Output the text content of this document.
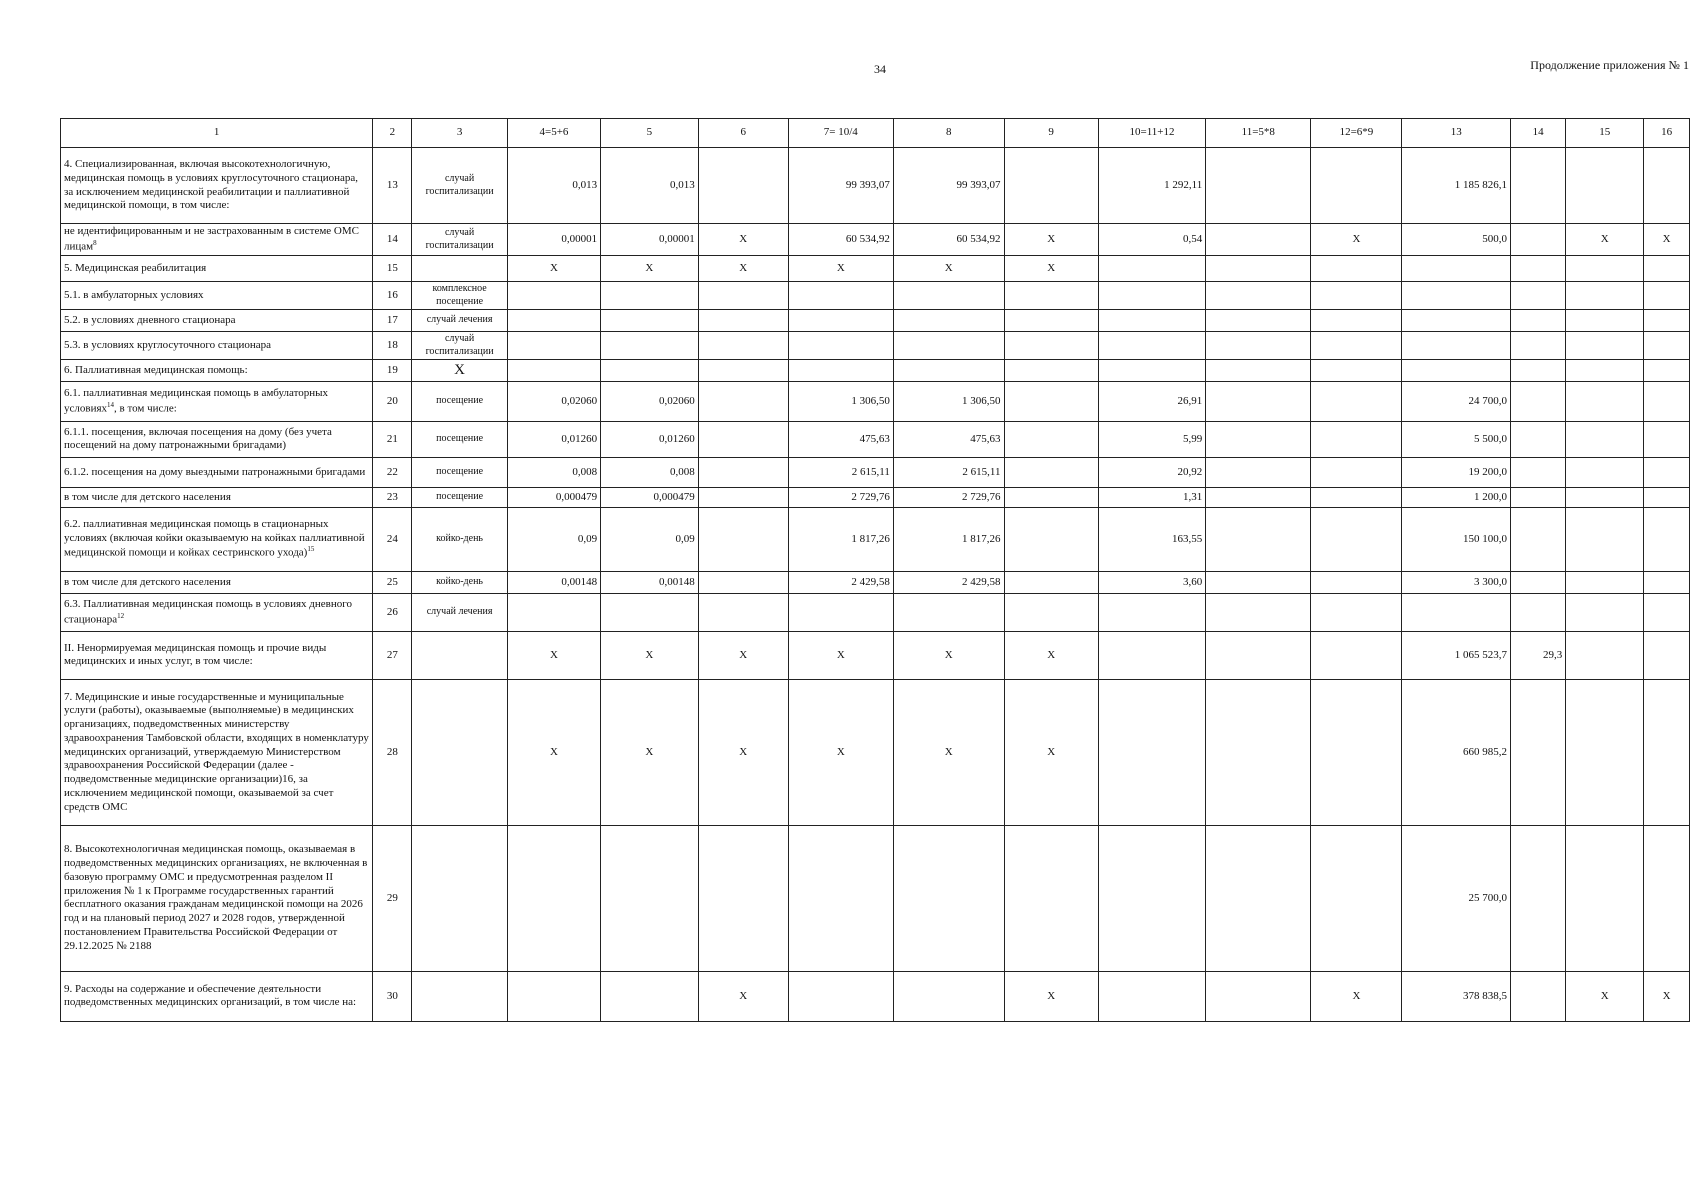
34	Продолжение приложения № 1
1	2	3	4=5+6	5	6	7= 10/4	8	9	10=11+12	11=5*8	12=6*9	13	14	15	16
4. Специализированная, включая высокотехнологичную, медицинская помощь в условиях круглосуточного стационара, за исключением медицинской реабилитации и паллиативной медицинской помощи, в том числе:	13	случай госпитализации	0,013	0,013		99 393,07	99 393,07		1 292,11			1 185 826,1			
не идентифицированным и не застрахованным в системе ОМС лицам$^8$	14	случай госпитализации	0,00001	0,00001	X	60 534,92	60 534,92	X	0,54		X	500,0		X	X
5. Медицинская реабилитация	15		X	X	X	X	X	X							
5.1. в амбулаторных условиях	16	комплексное посещение													
5.2. в условиях дневного стационара	17	случай лечения													
5.3. в условиях круглосуточного стационара	18	случай госпитализации													
6. Паллиативная медицинская помощь:	19	X													
6.1. паллиативная медицинская помощь в амбулаторных условиях$^{14}$, в том числе:	20	посещение	0,02060	0,02060		1 306,50	1 306,50		26,91			24 700,0			
6.1.1. посещения, включая посещения на дому (без учета посещений на дому патронажными бригадами)	21	посещение	0,01260	0,01260		475,63	475,63		5,99			5 500,0			
6.1.2. посещения на дому выездными патронажными бригадами	22	посещение	0,008	0,008		2 615,11	2 615,11		20,92			19 200,0			
в том числе для детского населения	23	посещение	0,000479	0,000479		2 729,76	2 729,76		1,31			1 200,0			
6.2. паллиативная медицинская помощь в стационарных условиях (включая койки оказываемую на койках паллиативной медицинской помощи и койках сестринского ухода)$^{15}$	24	койко-день	0,09	0,09		1 817,26	1 817,26		163,55			150 100,0			
в том числе для детского населения	25	койко-день	0,00148	0,00148		2 429,58	2 429,58		3,60			3 300,0			
6.3. Паллиативная медицинская помощь в условиях дневного стационара$^{12}$	26	случай лечения													
II. Ненормируемая медицинская помощь и прочие виды медицинских и иных услуг, в том числе:	27		X	X	X	X	X	X				1 065 523,7	29,3		
7. Медицинские и иные государственные и муниципальные услуги (работы), оказываемые (выполняемые) в медицинских организациях, подведомственных министерству здравоохранения Тамбовской области, входящих в номенклатуру медицинских организаций, утверждаемую Министерством здравоохранения Российской Федерации (далее - подведомственные медицинские организации)16, за исключением медицинской помощи, оказываемой за счет средств ОМС	28		X	X	X	X	X	X				660 985,2			
8. Высокотехнологичная медицинская помощь, оказываемая в подведомственных медицинских организациях, не включенная в базовую программу ОМС и предусмотренная разделом II приложения № 1 к Программе государственных гарантий бесплатного оказания гражданам медицинской помощи на 2026 год и на плановый период 2027 и 2028 годов, утвержденной постановлением Правительства Российской Федерации от 29.12.2025 № 2188	29											25 700,0			
9. Расходы на содержание и обеспечение деятельности подведомственных медицинских организаций, в том числе на:	30				X			X			X	378 838,5		X	X
